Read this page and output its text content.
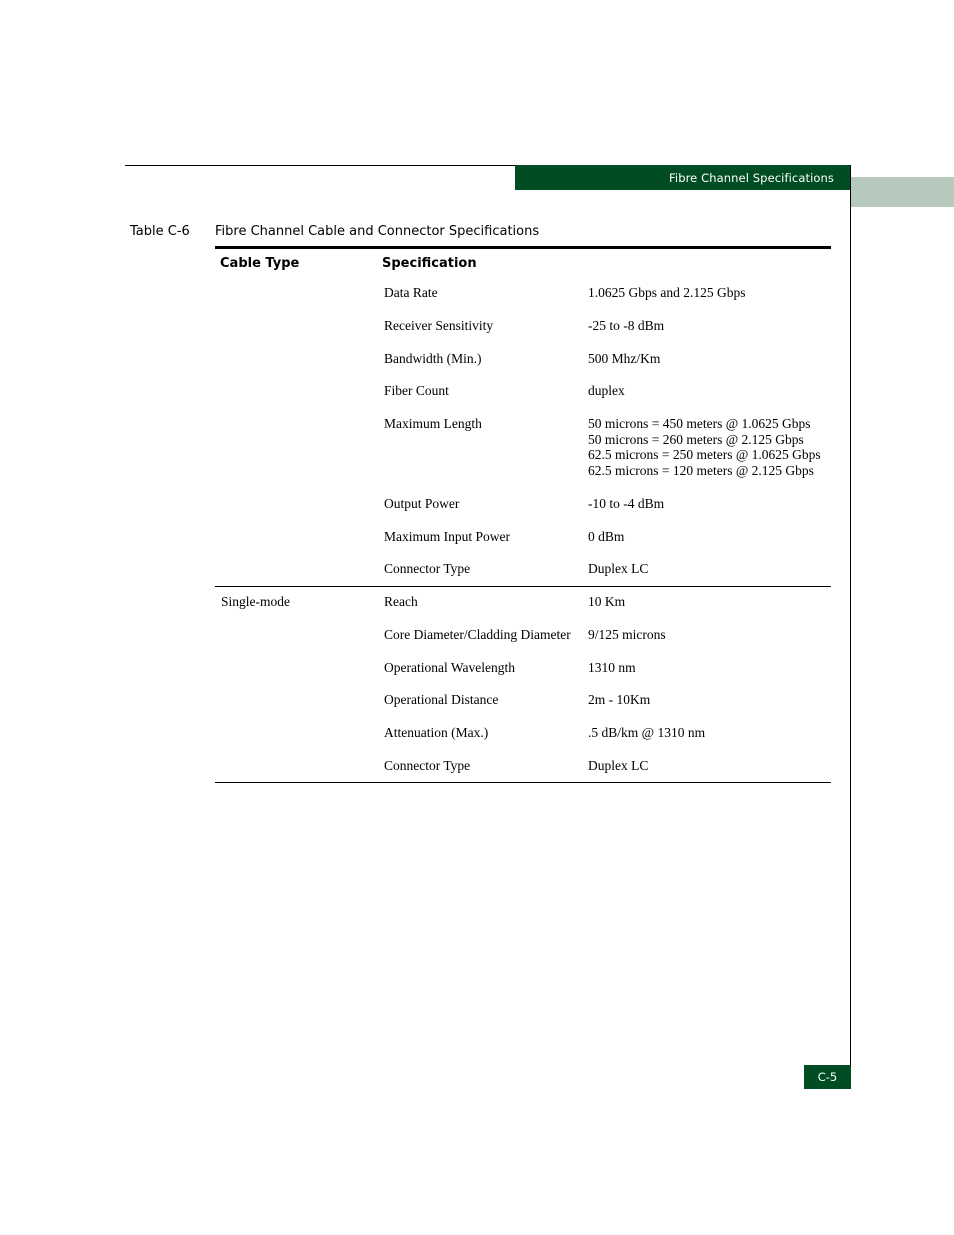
Fibre Channel Specifications
Table C-6 Fibre Channel Cable and Connector Specifications
Cable Type	Specification
Data Rate	1.0625 Gbps and 2.125 Gbps
Receiver Sensitivity	-25 to -8 dBm
Bandwidth (Min.)	500 Mhz/Km
Fiber Count	duplex
Maximum Length	50 microns = 450 meters @ 1.0625 Gbps
50 microns = 260 meters @ 2.125 Gbps
62.5 microns = 250 meters @ 1.0625 Gbps
62.5 microns = 120 meters @ 2.125 Gbps
Output Power	-10 to -4 dBm
Maximum Input Power	0 dBm
Connector Type	Duplex LC
Single-mode	Reach	10 Km
Core Diameter/Cladding Diameter 9/125 microns
Operational Wavelength	1310 nm
Operational Distance	2m - 10Km
Attenuation (Max.)	.5 dB/km @ 1310 nm
Connector Type	Duplex LC
C-5
